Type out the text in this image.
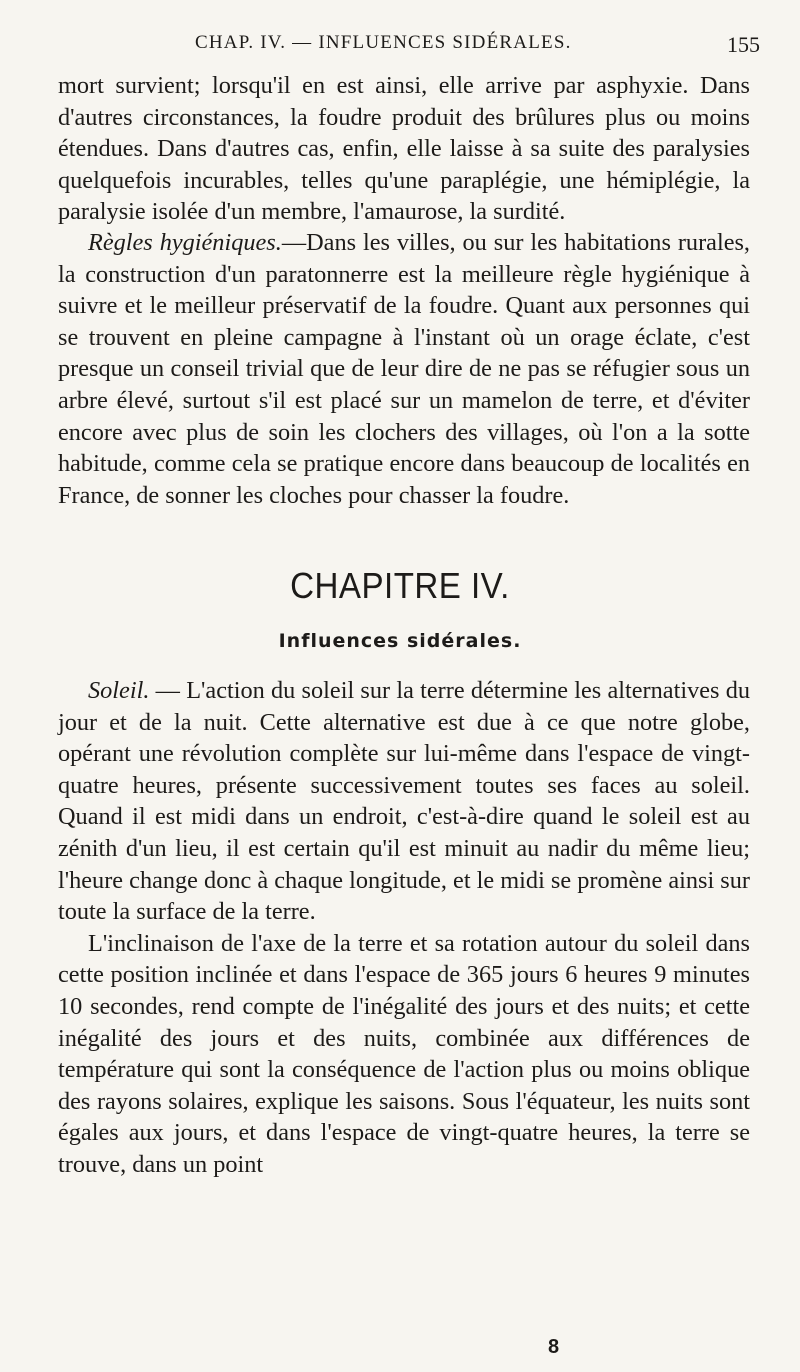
CHAP. IV. — INFLUENCES SIDÉRALES.	155

mort survient; lorsqu'il en est ainsi, elle arrive par asphyxie. Dans d'autres circonstances, la foudre produit des brûlures plus ou moins étendues. Dans d'autres cas, enfin, elle laisse à sa suite des paralysies quelquefois incurables, telles qu'une paraplégie, une hémiplégie, la paralysie isolée d'un membre, l'amaurose, la surdité.

Règles hygiéniques.—Dans les villes, ou sur les habitations rurales, la construction d'un paratonnerre est la meilleure règle hygiénique à suivre et le meilleur préservatif de la foudre. Quant aux personnes qui se trouvent en pleine campagne à l'instant où un orage éclate, c'est presque un conseil trivial que de leur dire de ne pas se réfugier sous un arbre élevé, surtout s'il est placé sur un mamelon de terre, et d'éviter encore avec plus de soin les clochers des villages, où l'on a la sotte habitude, comme cela se pratique encore dans beaucoup de localités en France, de sonner les cloches pour chasser la foudre.

CHAPITRE IV.
Influences sidérales.

Soleil. — L'action du soleil sur la terre détermine les alternatives du jour et de la nuit. Cette alternative est due à ce que notre globe, opérant une révolution complète sur lui-même dans l'espace de vingt-quatre heures, présente successivement toutes ses faces au soleil. Quand il est midi dans un endroit, c'est-à-dire quand le soleil est au zénith d'un lieu, il est certain qu'il est minuit au nadir du même lieu; l'heure change donc à chaque longitude, et le midi se promène ainsi sur toute la surface de la terre.

L'inclinaison de l'axe de la terre et sa rotation autour du soleil dans cette position inclinée et dans l'espace de 365 jours 6 heures 9 minutes 10 secondes, rend compte de l'inégalité des jours et des nuits; et cette inégalité des jours et des nuits, combinée aux différences de température qui sont la conséquence de l'action plus ou moins oblique des rayons solaires, explique les saisons. Sous l'équateur, les nuits sont égales aux jours, et dans l'espace de vingt-quatre heures, la terre se trouve, dans un point

8
